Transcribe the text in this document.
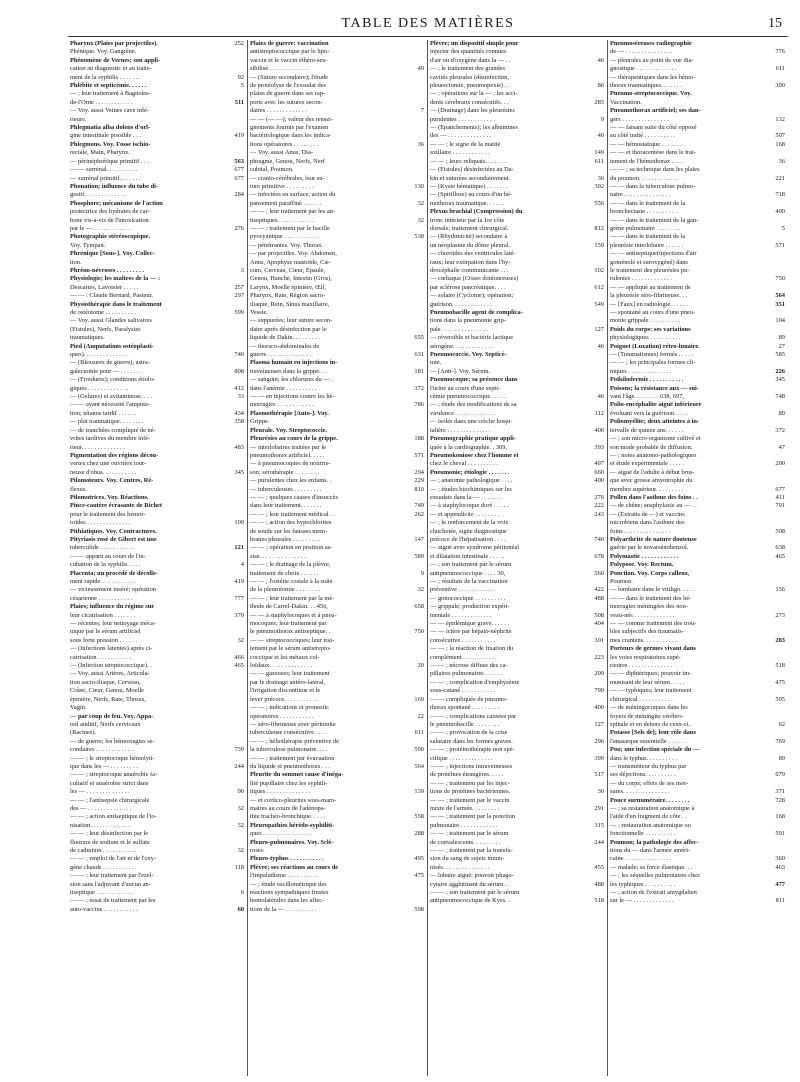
TABLE DES MATIÈRES	15
Pharynx (Plaies par projectiles).	252
Phénique. Voy. Gangrène.
Phénomène de Vernes; son appli-
cation au diagnostic et au traite-
ment de la syphilis . . . . . . .	92
Phlébite et septicémie. . . . . .	5
— ; leur traitement à Bagnoles-
de-l'Orne . . . . . . . . . . . .	511
— Voy. aussi Veines cave infé-
rieure.
Phlegmatia alba dolens d'orl-
gine intestinale possible . . .	419
Phlegmons. Voy. Fosse ischio-
rectale, Main, Pharynx.
— périnéphrétique primitif . . .	563
— — surrénal. . . . . . . . . .	677
— surrénal primitif. . . . . . .	677
Phonation; influence du tube di-
gestif . . . . . . . . . . . . .	284
Phosphore; mécanisme de l'action
protectrice des hydrates de car-
bone vis-à-vis de l'intoxication
par le — . . . . . . . . . . . .	276
Photographie stéréoscopique.
Voy. Tympan.
Phrénique [Sous-]. Voy. Collec-
tion.
Phréno-névroses . . . . . . . . .	3
Physiologie; les maîtres de la — :
Descartes, Lavoisier . . . . .	257
— — : Claude Bernard, Pasteur.	297
Physiothérapie dans le traitement
de ostéotome . . . . . . . . . .	599
— Voy. aussi Glandes salivaires
(Fistules), Nerfs, Paralysies
traumatiques.
Pied (Amputations ostéoplasti-
ques). . . . . . . . . . . . . .	740
— (Blessures de guerre); astra-
galectomie pour — . . . . . . .	808
— (Froidures); conditions étiolo-
giques . . . . . . . . . . . . .	412
— (Gelures) et avitaminose. . . .	33
— — ayant nécessité l'amputa-
tion; tétanos tardif . . . . . .	434
— plat traumatique. . . . . . . .	358
— de tranchées compliqué de né-
vrites tardives du membre infé-
rieur. . . . . . . . . . . . . .	483
Pigmentation des régions décou-
vertes chez une ouvrière tour-
neuse d'obus. . . . . . . . . . .	345
Pilomoteurs. Voy. Centres, Ré-
flexes.
Pilomotrices. Voy. Réactions.
Pince-cautère écrasante de Richet
pour le traitement des hémor-
roïdes . . . . . . . . . . . . . .	109
Pithiatiques. Voy. Contractures.
Pityriasis rosé de Gibert est une
tuberculide . . . . . . . . . . .	121
— — apparu au cours de l'in-
cubation de la syphilis . . . .	4
Placenta; un procédé de décolle-
ment rapide . . . . . . . . . . .	419
— vicieusement inséré; opération
césarienne . . . . . . . . . . .	777
Plaies; influence du régime sur
leur cicatrisation . . . . . . .	370
— récentes; leur nettoyage méca-
nique par le sérum artificiel
sous forte pression . . . . . .	32
— (Infections latentes) après ci-
catrisation . . . . . . . . . . .	466
— (Infection streptococcique). .	465
— Voy. aussi Artères, Articula-
tion sacro-iliaque, Cerveau,
Crâne, Cœur, Genou, Moelle
épinière, Nerfs, Rate, Thorax,
Vagin.
— par coup de feu. Voy. Appa-
reil auditif, Nerfs cervicaux
(Racines).
— de guerre; les hémorragies se-
condaires . . . . . . . . . . . .	739
— — ; le streptocoque hémolyti-
que dans les — . . . . . . . . .	244
— — ; streptocoque anaérobie fa-
cultatif et anaérobie strict dans
les — . . . . . . . . . . . . . .	90
— — ; l'antisepsie chirurgicale
des — . . . . . . . . . . . . . .	32
— — ; action antiseptique de l'io-
nisation. . . . . . . . . . . . .	32
— — ; leur désinfection par le
fluorure de sodium et le sulfate
de cadmium . . . . . . . . . . .	32
— — ; emploi de l'air et de l'oxy-
gène chauds . . . . . . . . . . .	118
— — ; leur traitement par l'ezel-
sion sans l'adjuvant d'aucun an-
tiseptique . . . . . . . . . . . .	6
— — ; essai de traitement par les
auto-vaccins . . . . . . . . . . .	60
Plaies de guerre: vaccination
antistreptococcique par le lipo-
vaccin et le vaccin éthéro-seu-
sibilisé. . . . . . . . . . . . .	49
— (Suture secondaire); l'étude
de protéolyse de l'exsudat des
plaies de guerre dans ses rap-
ports avec les sutures secon-
daires . . . . . . . . . . . . .	7
— — (— —); valeur des rensei-
gnements fournis par l'examen
bactériologique dans les indica-
tions opératoires . . . . . . . .	36
— Voy. aussi Anus, Dia-
phragme, Genou, Nerfs, Nerf
cubital, Poumon.
— cranio-cérébrales, leur su-
ture primitive . . . . . . . . .	130
— infectées en surface; action du
pansement paraffiné . . . . . .	32
— — ; leur traitement par les an-
tiseptiques. . . . . . . . . . . .	32
— — ; traitement par le bacille
pyocyanique . . . . . . . . . . .	538
— pénétrantes. Voy. Thorax.
— par projectiles. Voy. Abdomen,
Anus, Apophyse mastoïde, Cæ-
cum, Cerveau, Cœur, Épaule,
Genou, Hanche, Intestin (Gros),
Larynx, Moelle épinière, Œil,
Pharynx, Rate, Région sacro-
iliaque, Rein, Sinus maxillaire,
Vessie.
— suppurées; leur suture secon-
daire après désinfection par le
liquide de Dakin. . . . . . . . .	655
— thoraco-abdominales de
guerre . . . . . . . . . . . . . .	631
Plasma humain en injections in-
traveineuses dans la grippe. . .	181
— sanguin; les chlorures du — .
dans l'anémie . . . . . . . . . .	372
— — en injections contre les hé-
morragies . . . . . . . . . . . .	786
Plasmothérapie [Auto-]. Voy.
Grippe.
Pleurale. Voy. Streptococcie.
Pleurésies au cours de la grippe.	188
— interlobaires traitées par le
pneumothorax artificiel. . . . .	571
— à pneumocoques de nourris-
son; sérothérapie . . . . . . . .	294
— purulentes chez les enfants. .	229
— tuberculeuses . . . . . . . . .	810
— — ; quelques causes d'insuccès
dans leur traitement. . . . . . .	749
— — ; leur traitement médical . .	262
— — ; action des hypochlorites
de soude sur les fausses mem-
branes pleurales . . . . . . . . .	147
— — ; opération en position as-
sise. . . . . . . . . . . . . . .	589
— — ; le drainage de la plèvre,
traitement de choix . . . . . .	9
— — ; l'ostéite costale à la suite
de la pleurotomie . . . . . . . .	32
— — ; leur traitement par la mé-
thode de Carrel-Dakin. . . 456,	658
— — à staphylocoques et à pneu-
mocoques; leur traitement par
le pneumothorax antiseptique. .	750
— — streptococciques; leur trai-
tement par le sérum antistrepto-
coccique et les métaux col-
loïdaux. . . . . . . . . . . . . .	20
— — gazeuses; leur traitement
par le drainage antéro-latéral,
l'irrigation discontinue et le
lever précoce. . . . . . . . . . .	169
— — ; indications et pronostic
opératoires . . . . . . . . . . .	22
— séro-fibrineuse avec péritonite
tuberculeuse consécutive . . . .	611
— — ; héliothérapie préventive de
la tuberculose pulmonaire. . . .	590
— — ; traitement par évacuation
du liquide et pneumothorax . . .	564
Pleurite du sommet cause d'inéga-
lité pupillaire chez les syphili-
tiques . . . . . . . . . . . . . .	139
— et cortico-pleurites sous-mam-
maires au cours de l'adénopa-
thie trachéo-bronchique. . . . .	558
Pleuropathies hérédo-syphiliti-
ques . . . . . . . . . . . . . . .	288
Pleuro-pulmonaires. Voy. Sclé-
roses.
Pleuro-typhus . . . . . . . . . . .	495
Plèvre; ses réactions au cours de
l'impaludisme . . . . . . . . . .	475
— ; étude oscillométrique des
réactions sympathiques frustes
homolatérales dans les affec-
tions de la — . . . . . . . . . .	598
Plèvre; un dispositif simple pour
injecter des quantités connues
d'air ou d'oxygène dans la — . .	46
— ; le traitement des grandes
cavités pleurales (désinfection,
pleurectomie, pneumopexie) . .	86
— ; opérations sur la — ; les acci-
dents cérébraux consécutifs. . .	285
— (Drainage) dans les pleurésies
purulentes . . . . . . . . . . . .	9
— (Épanchements); les albumines
des — . . . . . . . . . . . . . .	40
— — ; le signe de la matité
axillaire . . . . . . . . . . . .	149
— — ; leurs reliquats. . . . . . .	611
— (Fistules) désinfectées au Da-
kin et suturées secondairement.	36
— (Kyste hématique) . . . . . . .	302
— (Spirillose) au cours d'un hé-
mothorax traumatique. . . . . .	556
Plexus brachial (Compression) du
tronc intérieur par la 1re côte
dorsale; traitement chirurgical.	812
— (Rhythmicité) secondaire à
un néoplasme du dôme pleural.	159
— choroïdes des ventricules laté-
raux; leur extirpation dans l'hy-
drocéphalie communicante . . .	102
— cœliaque (Crises douloureuses)
par sclérose pancréatique. . . .	612
— solaire (Cyclome); opération;
guérison. . . . . . . . . . . . .	549
Pneumobacille agent de complica-
tions dans la pneumonie grip-
pale . . . . . . . . . . . . . . .	127
— réversible et bactérie lactique
aérogène. . . . . . . . . . . . .	46
Pneumococcie. Voy. Septicé-
mie.
— [Anti-]. Voy. Sérum.
Pneumocoque; sa présence dans
l'urine au cours d'une septi-
cémie pneumococcique . . . . .	46
— ; étude des modifications de sa
virulence. . . . . . . . . . . . .	112
— isolés dans une crèche hospi-
talière . . . . . . . . . . . . . .	400
Pneumographie pratique appli-
quée à la cardiographie. . 309,	393
Pneumokoniose chez l'homme et
chez le cheval . . . . . . . . . .	497
Pneumonie; étiologie . . . . . . .	660
— ; anatomie pathologique . . . .	400
— ; études biochimiques sur les
exsudats dans la — . . . . . . .	276
— à staphylocoque doré . . . . .	222
— et appendicite . . . . . . . .	243
— ; le renforcement de la voix
chuchotée, signe diagnostique
précoce de l'hépatisation . . . .	740
— aiguë avec syndrome péritonéal
et dilatation intestinale . . . . .	678
— ; son traitement par le sérum
antipneumococcique . . . . 30,	560
— ; résultats de la vaccination
préventive . . . . . . . . . . . .	422
— gonococcique . . . . . . . . . .	488
— grippale; production expéri-
mentale . . . . . . . . . . . . .	508
— — épidémique grave. . . . . .	404
— — ictère par hépato-néphrite
consécutive . . . . . . . . . . .	301
— — ; la réaction de fixation du
complément . . . . . . . . . . .	223
— — ; nécrose diffuse des ca-
pillaires pulmonaires . . . . . .	209
— — ; complication d'emphysème
sous-cutané . . . . . . . . . . .	799
— — compliquée de pneumo-
thorax spontané . . . . . . . . .	400
— — ; complications causées par
le pneumobacille . . . . . . . .	127
— — ; provocation de la crise
salutaire dans les formes graves.	296
— — ; protéinothérapie non spé-
cifique . . . . . . . . . . . . . .	399
— — ; injections intraveineuses
de protéines étrangères. . . . .	517
— — ; traitement par les injec-
tions de protéines bactériennes.	30
— — ; traitement par le vaccin
mixte de l'armée. . . . . . . . .	291
— — ; traitement par la ponction
pulmonaire . . . . . . . . . . . .	315
— — ; traitement par le sérum
de convalescents. . . . . . . . .	244
— — ; traitement par la transfu-
sion du sang de sujets immu-
nisés. . . . . . . . . . . . . . .	455
— lobaire aiguë; pouvoir phago-
cytaire agglutinant du sérum . .	488
— — ; son traitement par le sérum
antipneumococcique de Kyes. .	518
Pneumoséreuses radiographie
de — . . . . . . . . . . . . . . .	776
— pleurales au point de vue dia-
gnostique . . . . . . . . . . . . .	611
— thérapeutiques dans les hémo-
thorax traumatiques. . . . . . .	300
Pneumo-streptococcique. Voy.
Vaccination.
Pneumothorax artificiel; ses dan-
gers . . . . . . . . . . . . . . .	132
— — faisant suite du côté opposé
au côté traité . . . . . . . . . .	507
— — hémostatique . . . . . . . .	168
— — et thoracentèse dans le trai-
tement de l'hémothorax . . . .	36
— — ; sa technique dans les plaies
du poumon. . . . . . . . . . . . .	221
— — dans la tuberculose pulmo-
naire . . . . . . . . . . . . . . .	718
— — dans le traitement de la
bronchectasie . . . . . . . . . .	400
— — dans le traitement de la gan-
grène pulmonaire . . . . . . . .	5
— — dans le traitement de la
pleurésie interlobaire . . . . . .	571
— — antiseptique(injections d'air
goménolé et suroxygéné) dans
le traitement des pleurésies pu-
rulentes . . . . . . . . . . . . .	750
— — appliqué au traitement de
la pleurésie séro-fibrineuse. . .	564
— [Faux] en radiologie. . . . . .	351
— spontané au cours d'une pneu-
monie grippale . . . . . . . . . .	104
Poids du corps: ses variations
physiologiques . . . . . . . . . .	89
Poignet (Luxation) rétro-lunaire.	27
— (Traumatismes) fermés . . . . .	585
— — ; les principales formes cli-
niques . . . . . . . . . . . . . .	226
Poïkilodermie . . . . . . . . . . .	345
Poisons; la résistance aux — sui-
vant l'âge. . . . . . . . 638, 697,	748
Polio-encéphalite aiguë inférieure
évoluant vers la guérison. . . . .	89
Poliomyélite; deux atteintes à in-
tervalle de quinze ans. . . . . .	372
— ; son micro-organisme cultivé et
son mode probable de diffusion.	47
— ; notes anatomo-pathologiques
et étude expérimentale . . . . .	200
— aiguë de l'adulte à début brus-
que avec grosse amyotrophie du
membre supérieur. . . . . . . . .	677
Pollen dans l'asthme des foins . .	411
— de chêne; anaphylaxie au — . .	791
— (Extraits de —) et vaccins
microbiens dans l'asthme des
foins . . . . . . . . . . . . . . .	508
Polyarthrite de nature douteuse
guérie par le novarsénobenzol.	638
Polymastie . . . . . . . . . . . .	465
Polypose. Voy. Rectum.
Ponction. Voy. Corps calleux,
Poumon.
— lombaire dans le vitiligo. . . . .	156
— — dans le traitement des hé-
morragies méningées des nou-
veau-nés . . . . . . . . . . . . .	273
— — comme traitement des trou-
bles subjectifs des traumatis-
mes craniens. . . . . . . . . . .	283
Porteurs de germes vivant dans
les voies respiratoires supé-
rieures . . . . . . . . . . . . . .	518
— — diphtériques; pouvoir im-
munisant de leur sérum. . . . .	475
— — typhiques; leur traitement
chirurgical . . . . . . . . . . .	505
— de méningocoques dans les
foyers de méningite cérébro-
spinale et en dehors de ceux-ci.	62
Potasse [Sels de]; leur rôle dans
l'anasarque essentielle . . . . .	769
Pou; une infection spéciale du —
dans le typhus. . . . . . . . . .	89
— transmetteur du typhus par
ses déjections. . . . . . . . . .	679
— du corps; effets de ses mor-
sures. . . . . . . . . . . . . . .	371
Pouce surnuméraire. . . . . . . .	728
— ; sa restauration anatomique à
l'aide d'un fragment de côte . .	168
— ; restauration anatomique ou
fonctionnelle . . . . . . . . . .	591
Poumon; la pathologie des affec-
tions du — dans l'armée améri-
caine . . . . . . . . . . . . . . .	360
— malade; sa force élastique. . .	463
— ; les séquelles pulmonaires chez
les typhiques . . . . . . . . . .	477
— ; action de l'extrait amygdalien
sur le — . . . . . . . . . . . . .	811
